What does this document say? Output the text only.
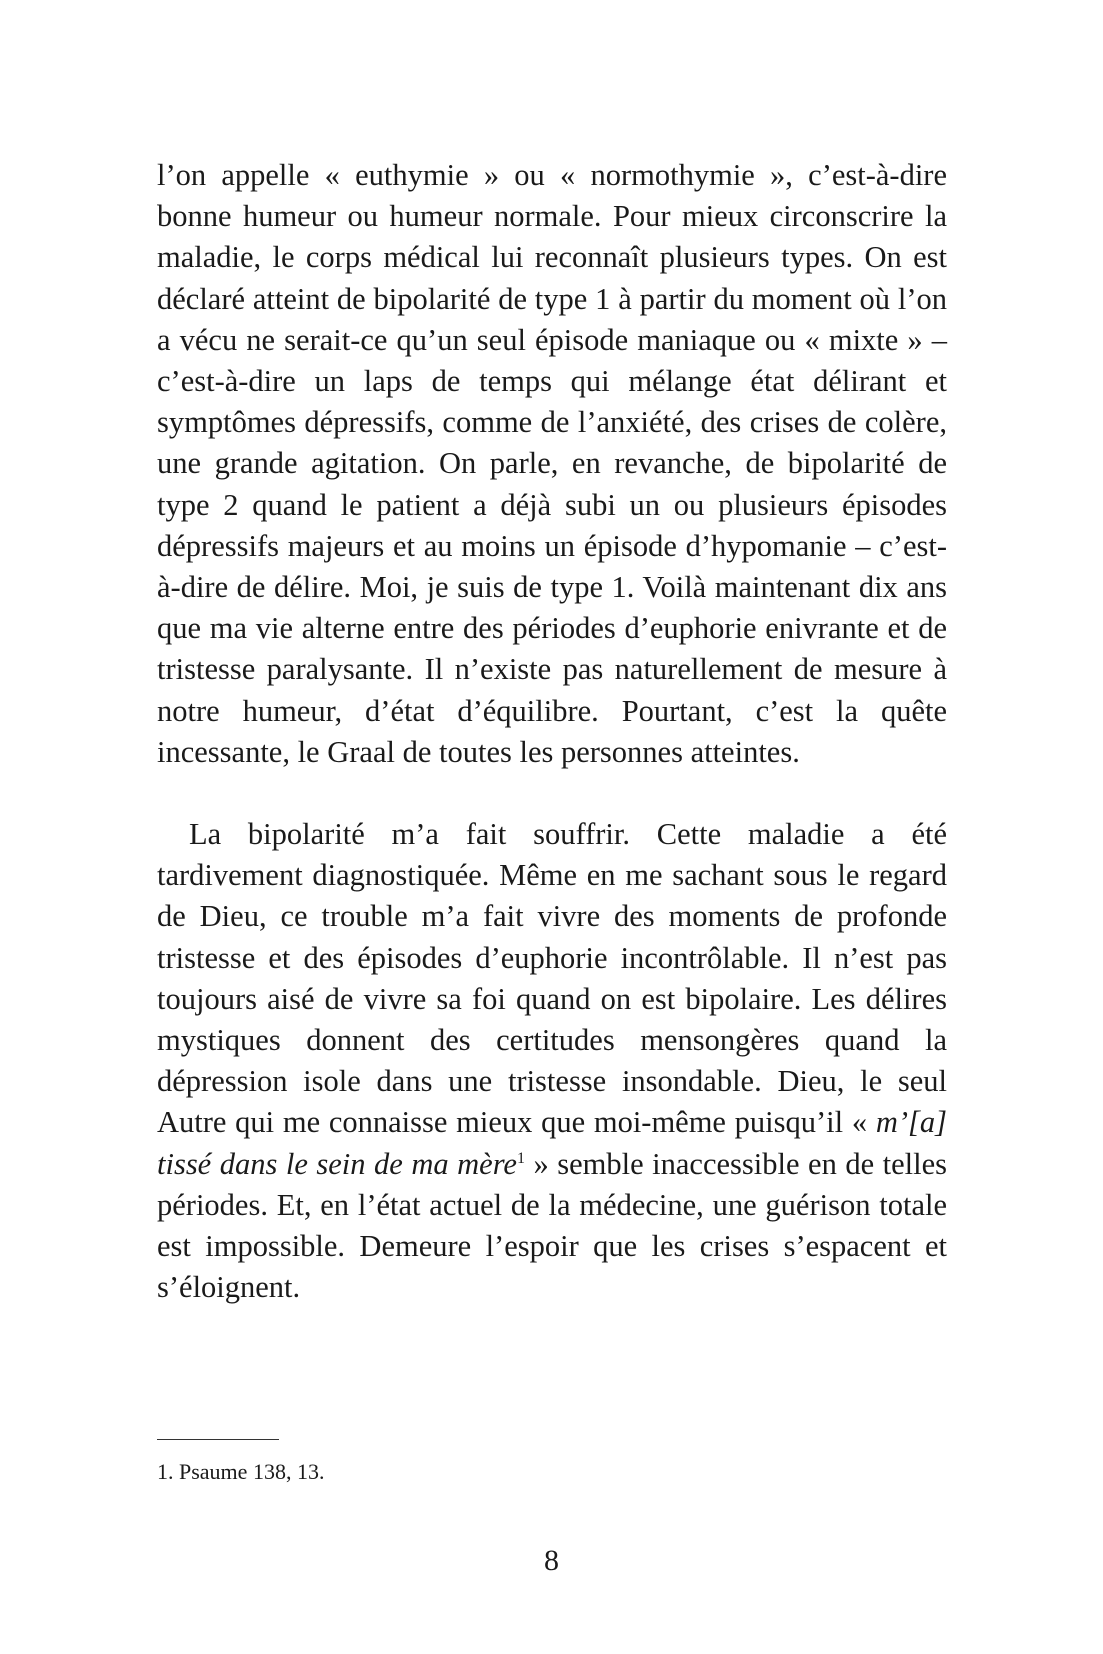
l’on appelle « euthymie » ou « normothymie », c’est-à-dire bonne humeur ou humeur normale. Pour mieux circonscrire la maladie, le corps médical lui reconnaît plusieurs types. On est déclaré atteint de bipolarité de type 1 à partir du moment où l’on a vécu ne serait-ce qu’un seul épisode maniaque ou « mixte » – c’est-à-dire un laps de temps qui mélange état délirant et symptômes dépressifs, comme de l’anxiété, des crises de colère, une grande agitation. On parle, en revanche, de bipolarité de type 2 quand le patient a déjà subi un ou plusieurs épisodes dépressifs majeurs et au moins un épisode d’hypomanie – c’est-à-dire de délire. Moi, je suis de type 1. Voilà maintenant dix ans que ma vie alterne entre des périodes d’euphorie enivrante et de tristesse paralysante. Il n’existe pas naturellement de mesure à notre humeur, d’état d’équilibre. Pourtant, c’est la quête incessante, le Graal de toutes les personnes atteintes.

La bipolarité m’a fait souffrir. Cette maladie a été tardivement diagnostiquée. Même en me sachant sous le regard de Dieu, ce trouble m’a fait vivre des moments de profonde tristesse et des épisodes d’euphorie incontrôlable. Il n’est pas toujours aisé de vivre sa foi quand on est bipolaire. Les délires mystiques donnent des certitudes mensongères quand la dépression isole dans une tristesse insondable. Dieu, le seul Autre qui me connaisse mieux que moi-même puisqu’il « m’[a] tissé dans le sein de ma mère$^1$ » semble inaccessible en de telles périodes. Et, en l’état actuel de la médecine, une guérison totale est impossible. Demeure l’espoir que les crises s’espacent et s’éloignent.

1. Psaume 138, 13.
8
